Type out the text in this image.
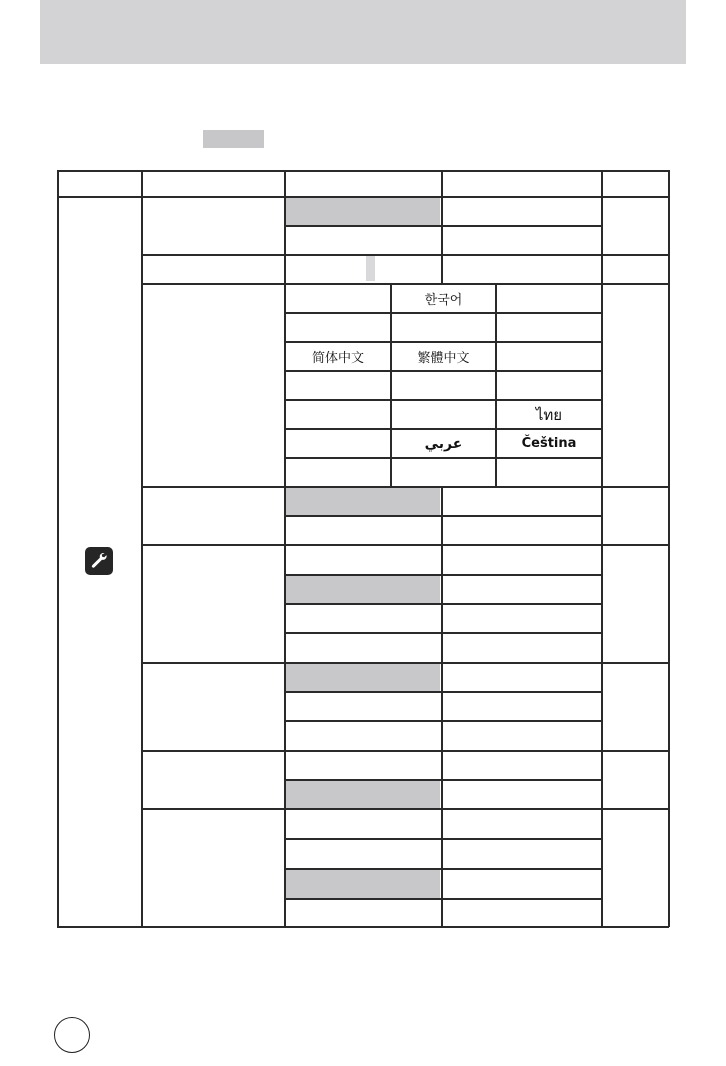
한국어
简体中文	繁體中文
ไทย
عربي	Čeština
